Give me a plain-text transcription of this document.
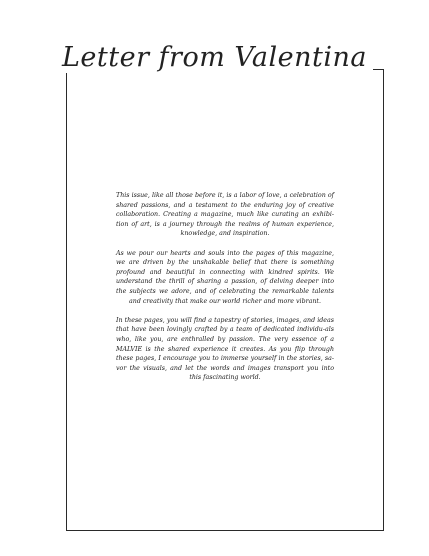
Letter from Valentina

This issue, like all those before it, is a labor of love, a celebration of shared passions, and a testament to the enduring joy of creative collaboration. Creating a magazine, much like curating an exhibi-tion of art, is a journey through the realms of human experience, knowledge, and inspiration.

As we pour our hearts and souls into the pages of this magazine, we are driven by the unshakable belief that there is something profound and beautiful in connecting with kindred spirits. We understand the thrill of sharing a passion, of delving deeper into the subjects we adore, and of celebrating the remarkable talents and creativity that make our world richer and more vibrant.

In these pages, you will find a tapestry of stories, images, and ideas that have been lovingly crafted by a team of dedicated individu-als who, like you, are enthralled by passion. The very essence of a MALVIE is the shared experience it creates. As you flip through these pages, I encourage you to immerse yourself in the stories, sa-vor the visuals, and let the words and images transport you into this fascinating world.
